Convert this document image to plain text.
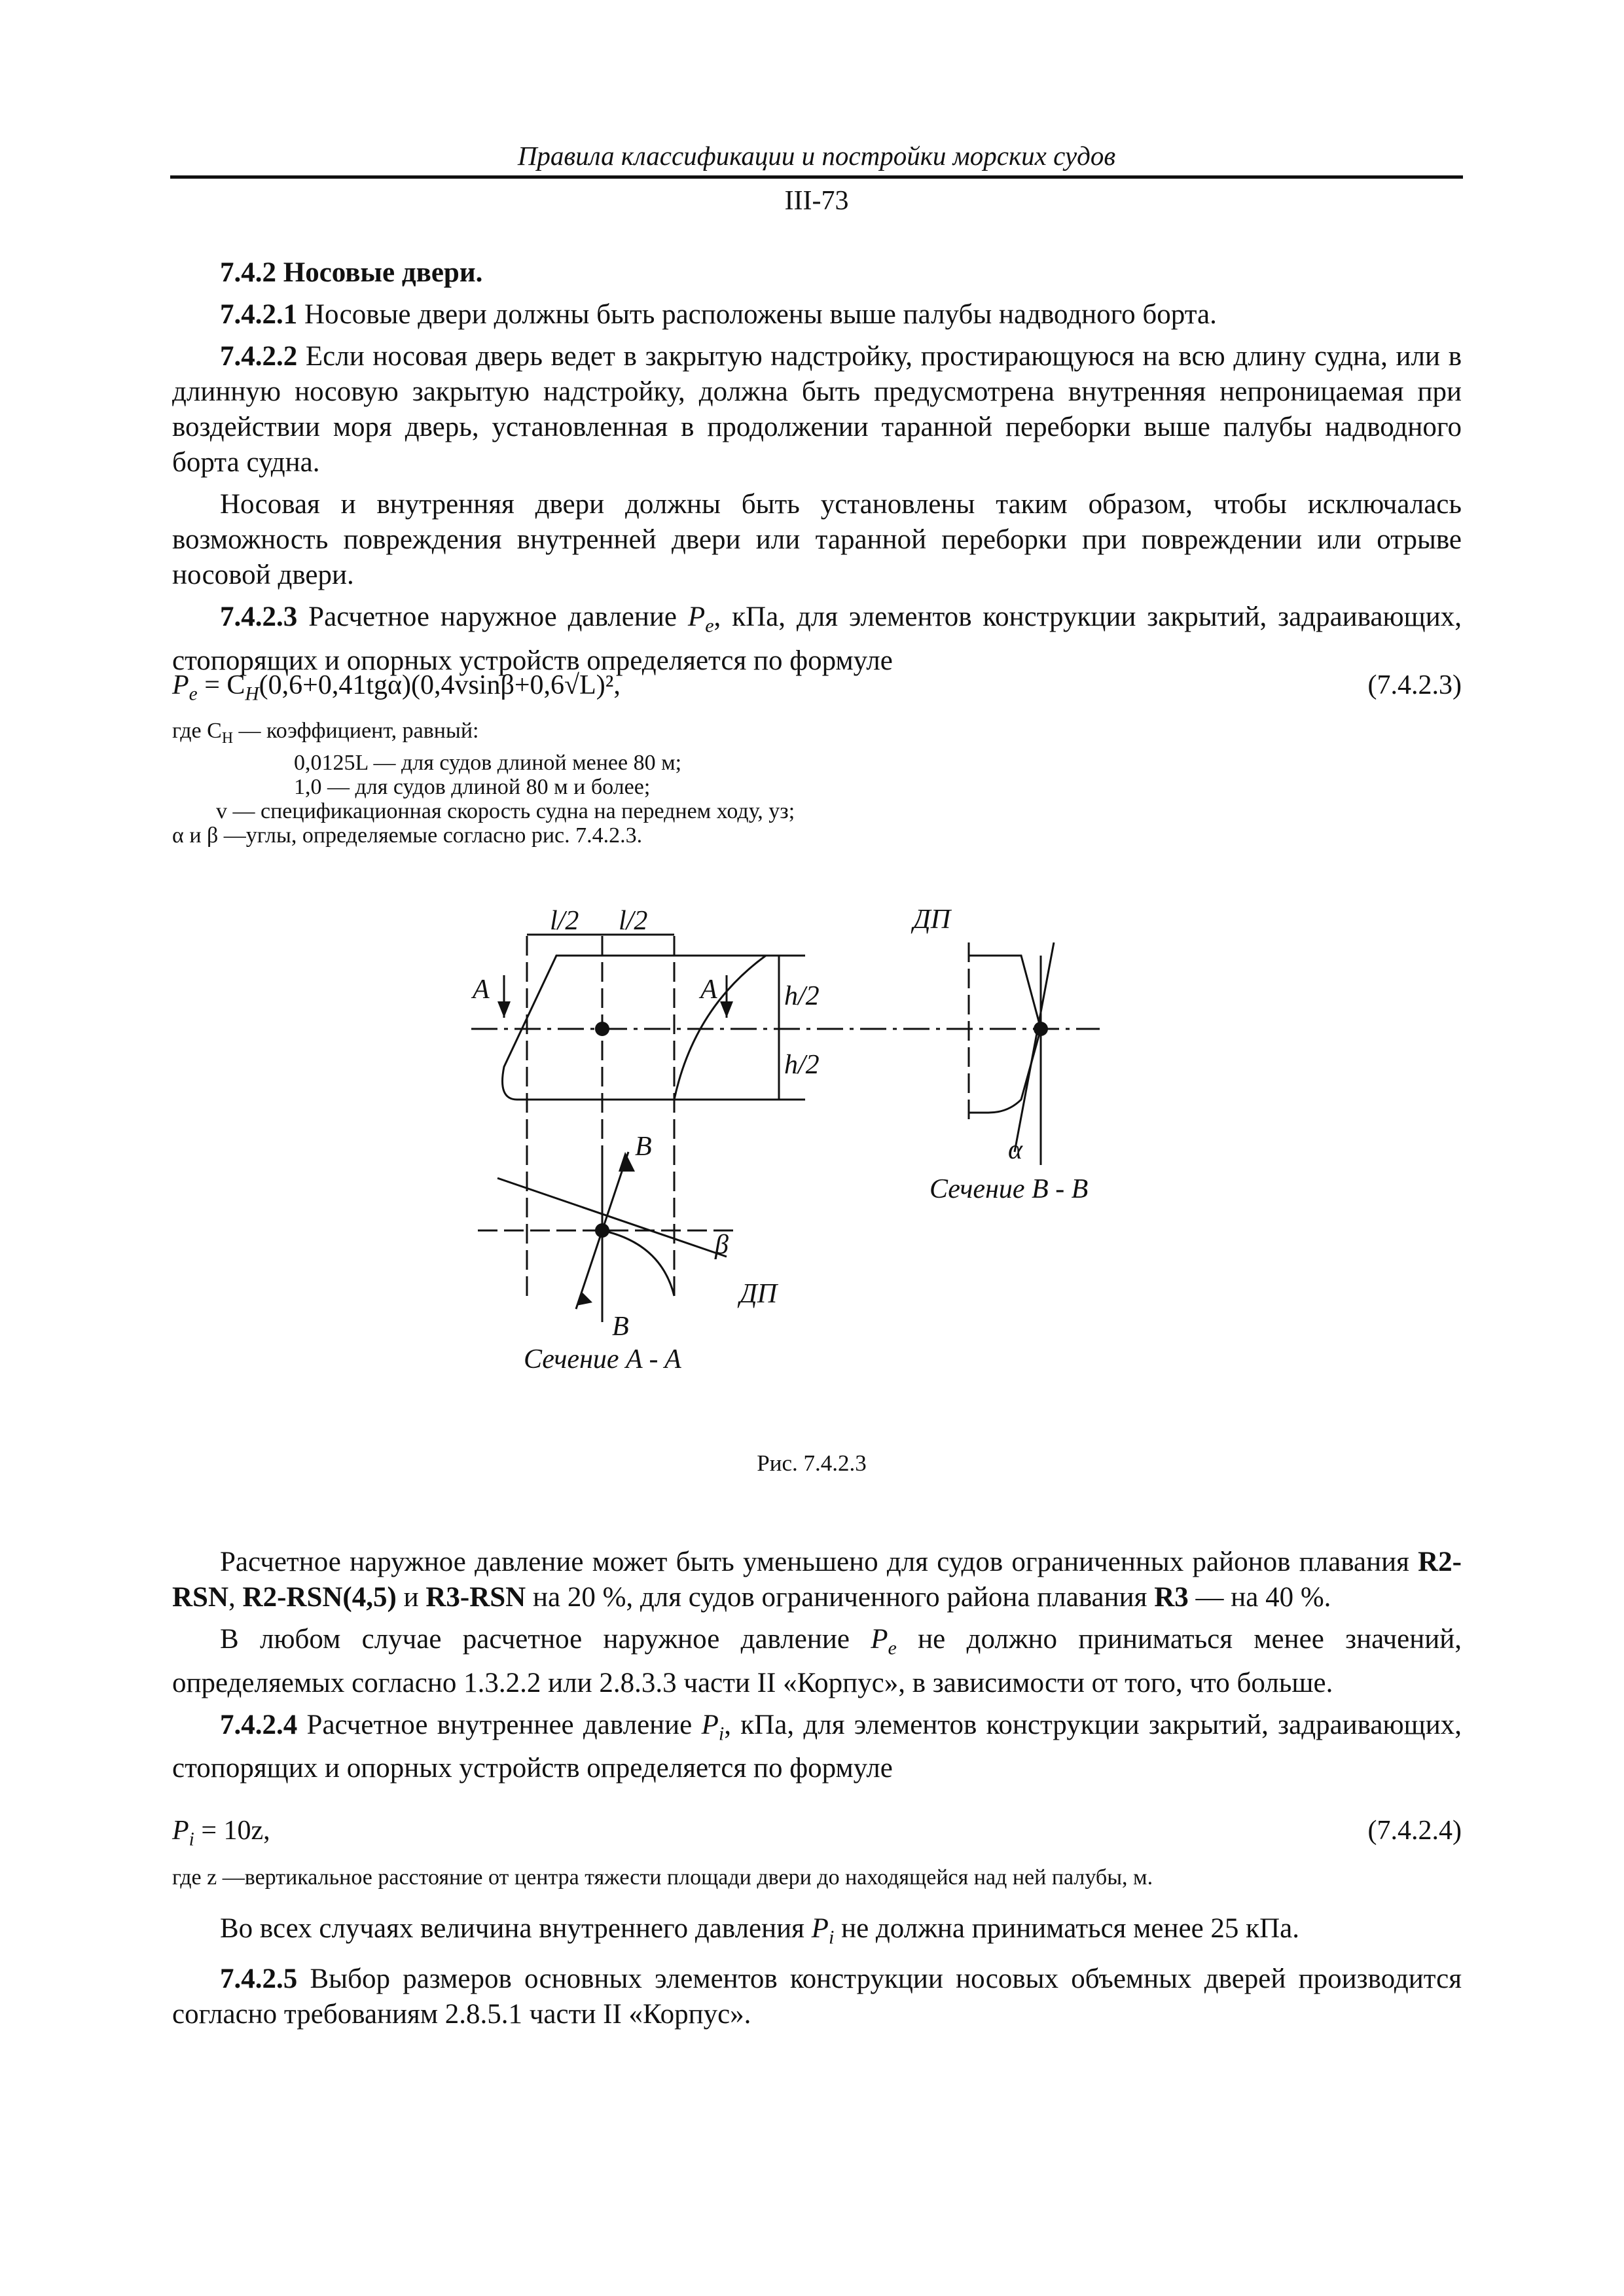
Правила классификации и постройки морских судов
III-73

7.4.2 Носовые двери.

7.4.2.1 Носовые двери должны быть расположены выше палубы надводного борта.

7.4.2.2 Если носовая дверь ведет в закрытую надстройку, простирающуюся на всю длину судна, или в длинную носовую закрытую надстройку, должна быть предусмотрена внутренняя непроницаемая при воздействии моря дверь, установленная в продолжении таранной переборки выше палубы надводного борта судна.

Носовая и внутренняя двери должны быть установлены таким образом, чтобы исключалась возможность повреждения внутренней двери или таранной переборки при повреждении или отрыве носовой двери.

7.4.2.3 Расчетное наружное давление $P_e$, кПа, для элементов конструкции закрытий, задраивающих, стопорящих и опорных устройств определяется по формуле

(7.4.2.3)
$P_e = C_H(0,6+0,41tg\alpha)(0,4vsin\beta+0,6√L)^2$,
где $C_H$ — коэффициент, равный:
0,0125L — для судов длиной менее 80 м;
1,0 — для судов длиной 80 м и более;
v — спецификационная скорость судна на переднем ходу, уз;
α и β —углы, определяемые согласно рис. 7.4.2.3.
l/2 l/2	ДП
A	A h/2
h/2
B
B
β
ДП
α
Сечение B - B
Сечение A - A
Рис. 7.4.2.3

Расчетное наружное давление может быть уменьшено для судов ограниченных районов плавания R2-RSN, R2-RSN(4,5) и R3-RSN на 20 %, для судов ограниченного района плавания R3 — на 40 %.

В любом случае расчетное наружное давление $P_e$ не должно приниматься менее значений, определяемых согласно 1.3.2.2 или 2.8.3.3 части II «Корпус», в зависимости от того, что больше.

7.4.2.4 Расчетное внутреннее давление $P_i$, кПа, для элементов конструкции закрытий, задраивающих, стопорящих и опорных устройств определяется по формуле

(7.4.2.4)
$P_i = 10z$,
где z —вертикальное расстояние от центра тяжести площади двери до находящейся над ней палубы, м.

Во всех случаях величина внутреннего давления $P_i$ не должна приниматься менее 25 кПа.

7.4.2.5 Выбор размеров основных элементов конструкции носовых объемных дверей производится согласно требованиям 2.8.5.1 части II «Корпус».
